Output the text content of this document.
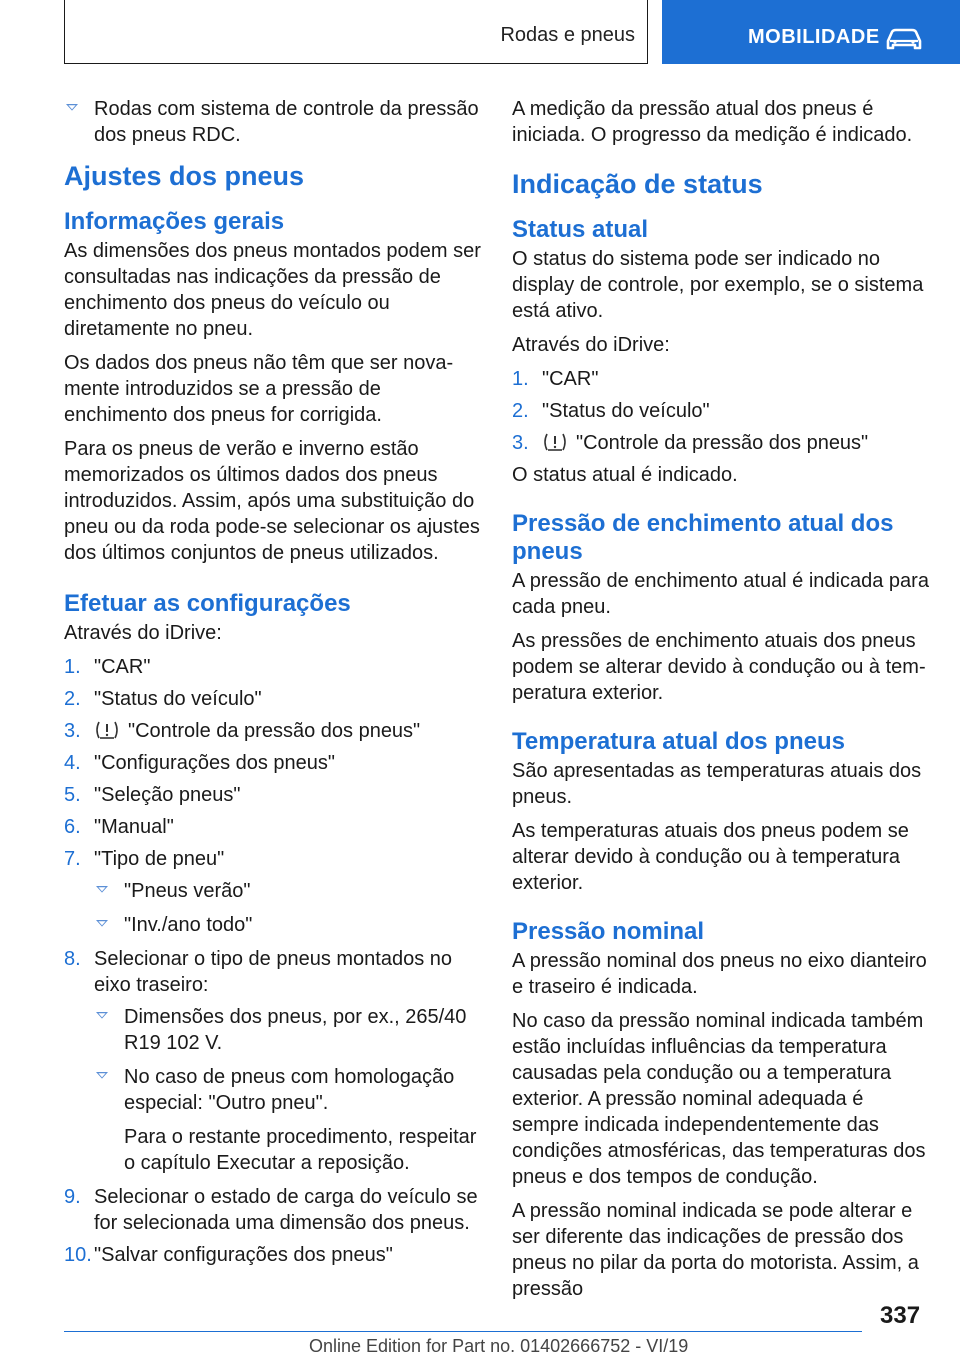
Rodas e pneus	MOBILIDADE
Rodas com sistema de controle da pressão dos pneus RDC.
Ajustes dos pneus
Informações gerais

As dimensões dos pneus montados podem ser consultadas nas indicações da pressão de enchimento dos pneus do veículo ou diretamente no pneu.

Os dados dos pneus não têm que ser novamente introduzidos se a pressão de enchimento dos pneus for corrigida.

Para os pneus de verão e inverno estão memorizados os últimos dados dos pneus introduzidos. Assim, após uma substituição do pneu ou da roda pode-se selecionar os ajustes dos últimos conjuntos de pneus utilizados.

Efetuar as configurações

Através do iDrive:

1. "CAR"
2. "Status do veículo"
3. "Controle da pressão dos pneus"
4. "Configurações dos pneus"
5. "Seleção pneus"
6. "Manual"
7. "Tipo de pneu"
"Pneus verão"
"Inv./ano todo"
8. Selecionar o tipo de pneus montados no eixo traseiro:
Dimensões dos pneus, por ex., 265/40 R19 102 V.
No caso de pneus com homologação especial: "Outro pneu".

Para o restante procedimento, respeitar o capítulo Executar a reposição.

9. Selecionar o estado de carga do veículo se for selecionada uma dimensão dos pneus.
10. "Salvar configurações dos pneus"

A medição da pressão atual dos pneus é iniciada. O progresso da medição é indicado.

Indicação de status
Status atual

O status do sistema pode ser indicado no display de controle, por exemplo, se o sistema está ativo.

Através do iDrive:

1. "CAR"
2. "Status do veículo"
3. "Controle da pressão dos pneus"

O status atual é indicado.

Pressão de enchimento atual dos pneus

A pressão de enchimento atual é indicada para cada pneu.

As pressões de enchimento atuais dos pneus podem se alterar devido à condução ou à temperatura exterior.

Temperatura atual dos pneus

São apresentadas as temperaturas atuais dos pneus.

As temperaturas atuais dos pneus podem se alterar devido à condução ou à temperatura exterior.

Pressão nominal

A pressão nominal dos pneus no eixo dianteiro e traseiro é indicada.

No caso da pressão nominal indicada também estão incluídas influências da temperatura causadas pela condução ou a temperatura exterior. A pressão nominal adequada é sempre indicada independentemente das condições atmosféricas, das temperaturas dos pneus e dos tempos de condução.

A pressão nominal indicada se pode alterar e ser diferente das indicações de pressão dos pneus no pilar da porta do motorista. Assim, a pressão

337
Online Edition for Part no. 01402666752 - VI/19
